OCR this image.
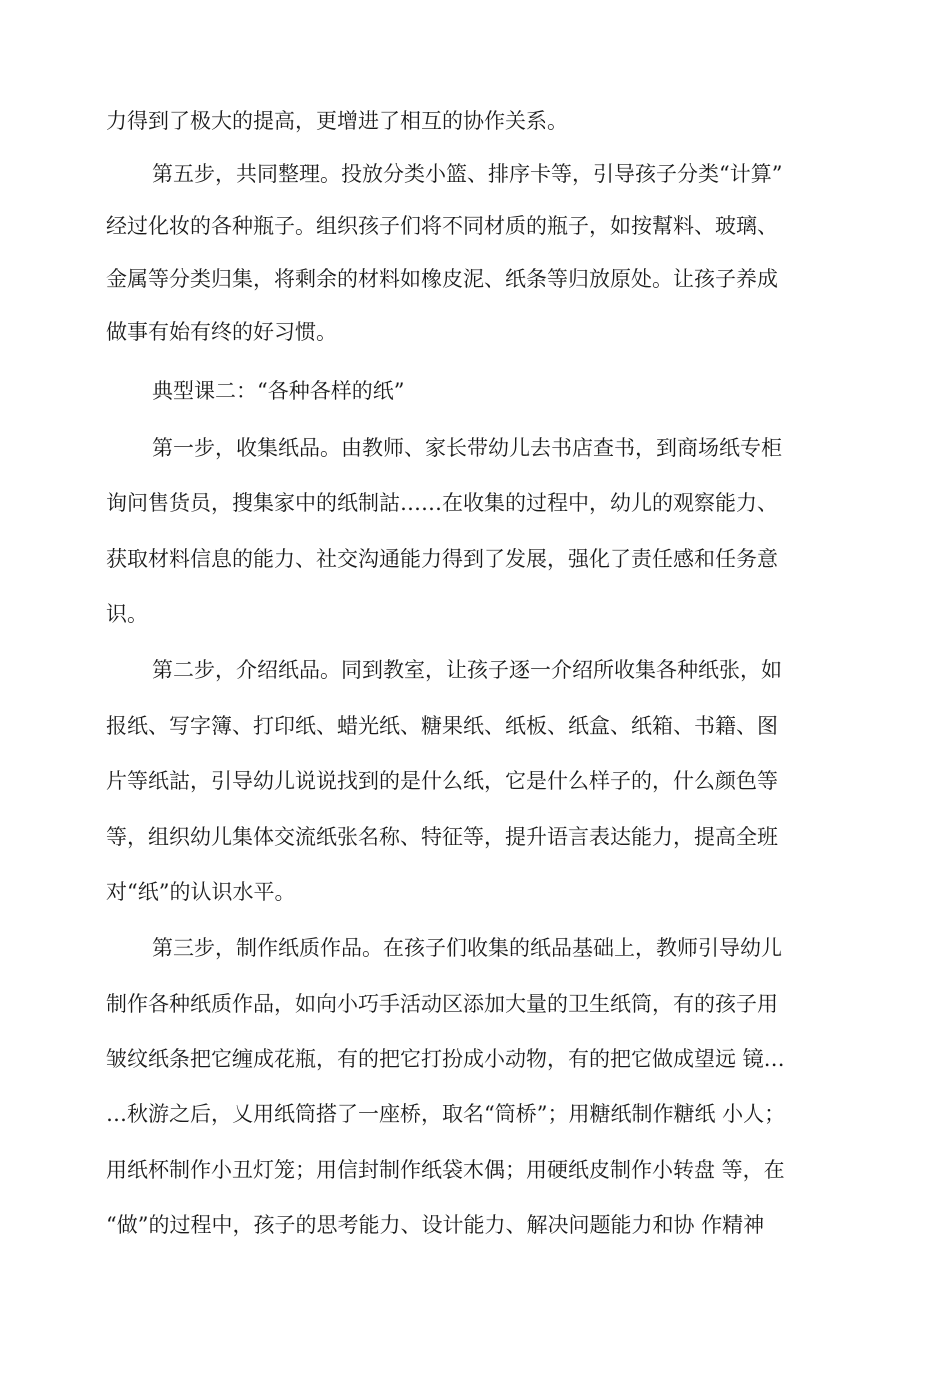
力得到了极大的提高，更增进了相互的协作关系。
第五步，共同整理。投放分类小篮、排序卡等，引导孩子分类“计算”
经过化妆的各种瓶子。组织孩子们将不同材质的瓶子，如按幫料、玻璃、
金属等分类归集，将剩余的材料如橡皮泥、纸条等归放原处。让孩子养成
做事有始有终的好习惯。
典型课二：“各种各样的纸”
第一步，收集纸品。由教师、家长带幼儿去书店查书，到商场纸专柜
询问售货员，搜集家中的纸制詁……在收集的过程中，幼儿的观察能力、
获取材料信息的能力、社交沟通能力得到了发展，强化了责任感和任务意
识。
第二步，介绍纸品。同到教室，让孩子逐一介绍所收集各种纸张，如
报纸、写字簿、打印纸、蜡光纸、糖果纸、纸板、纸盒、纸箱、书籍、图
片等纸詁，引导幼儿说说找到的是什么纸，它是什么样子的，什么颜色等
等，组织幼儿集体交流纸张名称、特征等，提升语言表达能力，提高全班
对“纸”的认识水平。
第三步，制作纸质作品。在孩子们收集的纸品基础上，教师引导幼儿
制作各种纸质作品，如向小巧手活动区添加大量的卫生纸筒，有的孩子用
皱纹纸条把它缠成花瓶，有的把它打扮成小动物，有的把它做成望远 镜…
…秋游之后，乂用纸筒搭了一座桥，取名“筒桥”；用糖纸制作糖纸 小人；
用纸杯制作小丑灯笼；用信封制作纸袋木偶；用硬纸皮制作小转盘 等，在
“做”的过程中，孩子的思考能力、设计能力、解决问题能力和协 作精神
